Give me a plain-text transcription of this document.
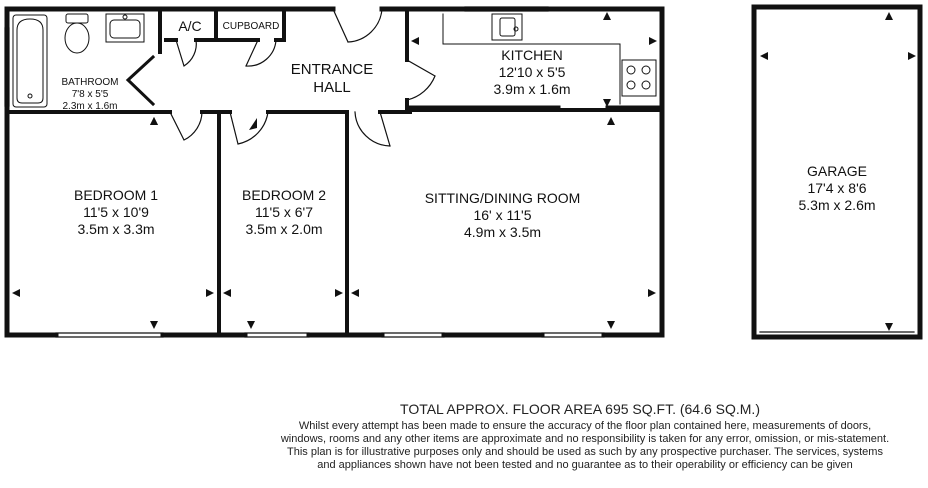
BATHROOM
7'8 x 5'5
2.3m x 1.6m
A/C	CUPBOARD
ENTRANCE
HALL
KITCHEN
12'10 x 5'5
3.9m x 1.6m
BEDROOM 1
11'5 x 10'9
3.5m x 3.3m
BEDROOM 2
11'5 x 6'7
3.5m x 2.0m
SITTING/DINING ROOM
16' x 11'5
4.9m x 3.5m
GARAGE
17'4 x 8'6
5.3m x 2.6m
TOTAL APPROX. FLOOR AREA 695 SQ.FT. (64.6 SQ.M.)
Whilst every attempt has been made to ensure the accuracy of the floor plan contained here, measurements of doors, windows, rooms and any other items are approximate and no responsibility is taken for any error, omission, or mis-statement. This plan is for illustrative purposes only and should be used as such by any prospective purchaser. The services, systems and appliances shown have not been tested and no guarantee as to their operability or efficiency can be given
